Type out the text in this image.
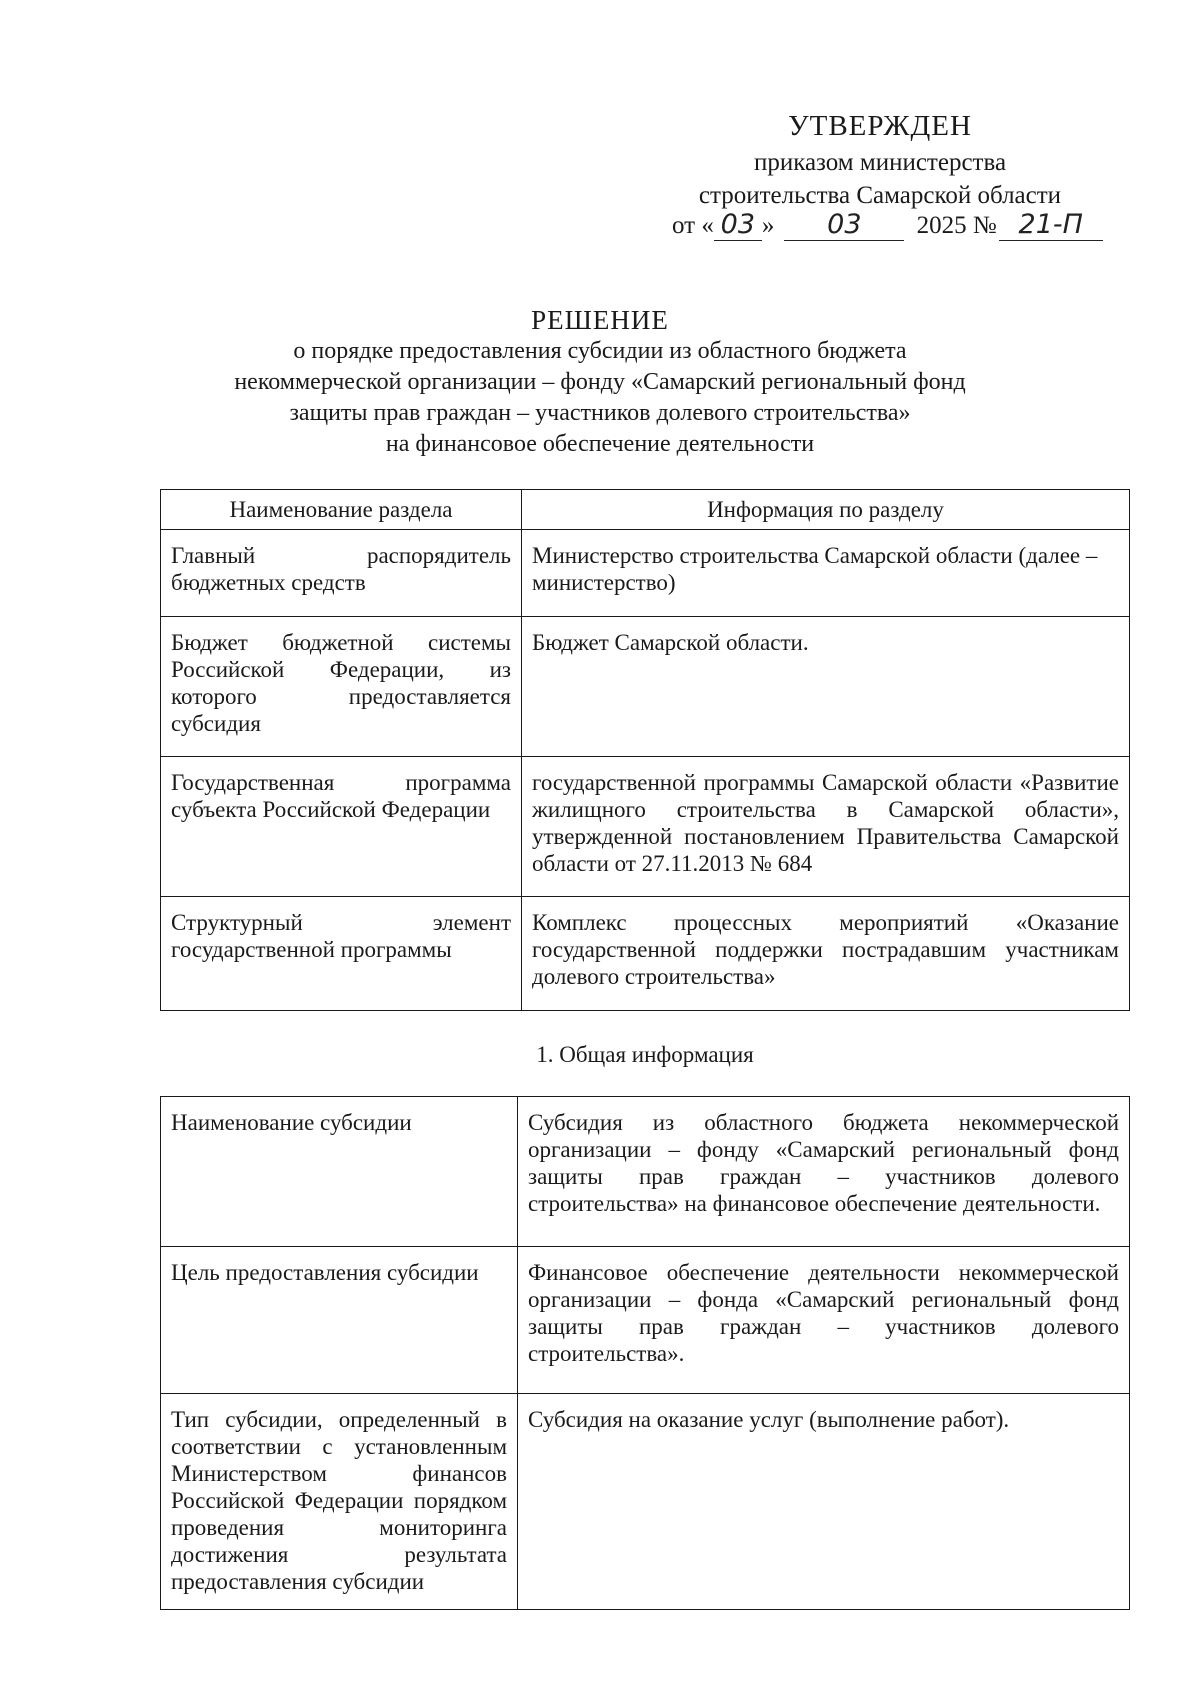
УТВЕРЖДЕН
приказом министерства
строительства Самарской области
от « 03 » 03 2025 № 21-П
РЕШЕНИЕ
о порядке предоставления субсидии из областного бюджета
некоммерческой организации – фонду «Самарский региональный фонд
защиты прав граждан – участников долевого строительства»
на финансовое обеспечение деятельности
Наименование раздела	Информация по разделу
Главный распорядитель бюджетных средств	Министерство строительства Самарской области (далее – министерство)
Бюджет бюджетной системы Российской Федерации, из которого предоставляется субсидия	Бюджет Самарской области.
Государственная программа субъекта Российской Федерации	государственной программы Самарской области «Развитие жилищного строительства в Самарской области», утвержденной постановлением Правительства Самарской области от 27.11.2013 № 684
Структурный элемент государственной программы	Комплекс процессных мероприятий «Оказание государственной поддержки пострадавшим участникам долевого строительства»
1. Общая информация
Наименование субсидии	Субсидия из областного бюджета некоммерческой организации – фонду «Самарский региональный фонд защиты прав граждан – участников долевого строительства» на финансовое обеспечение деятельности.
Цель предоставления субсидии	Финансовое обеспечение деятельности некоммерческой организации – фонда «Самарский региональный фонд защиты прав граждан – участников долевого строительства».
Тип субсидии, определенный в соответствии с установленным Министерством финансов Российской Федерации порядком проведения мониторинга достижения результата предоставления субсидии	Субсидия на оказание услуг (выполнение работ).
